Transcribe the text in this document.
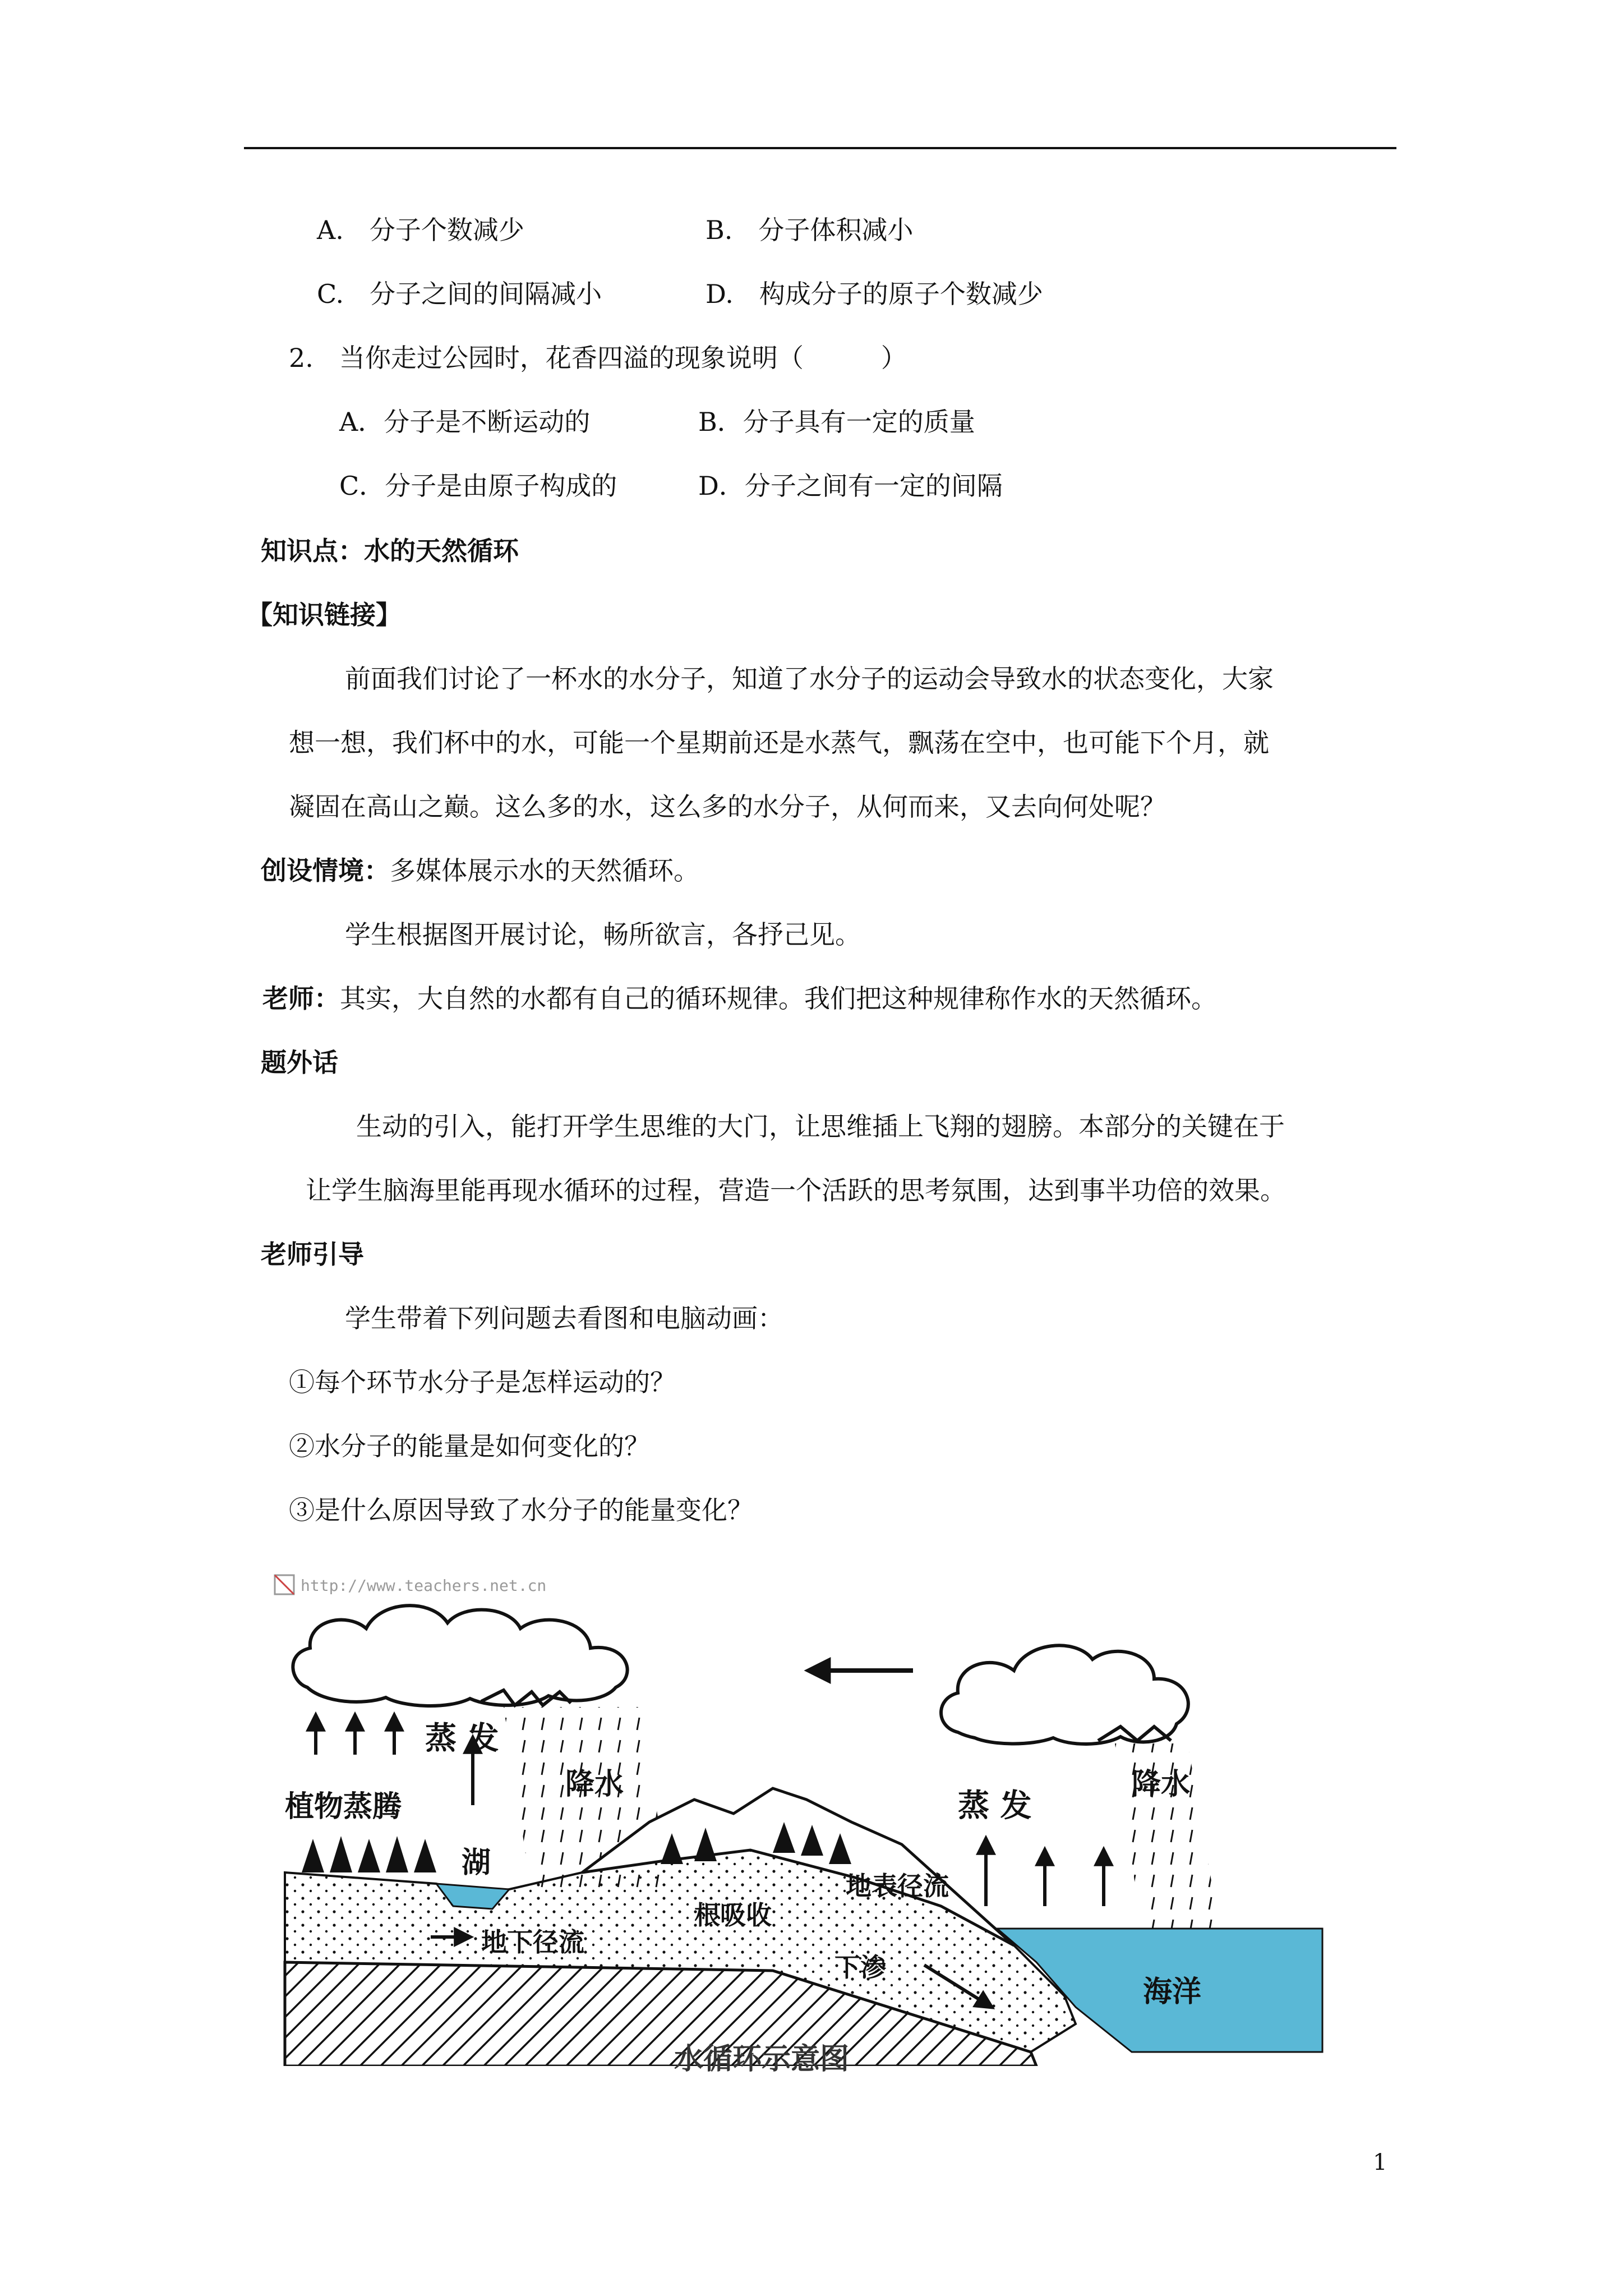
A.　分子个数减少	B.　分子体积减小
C.　分子之间的间隔减小	D.　构成分子的原子个数减少
2.　当你走过公园时，花香四溢的现象说明（　　　）
A．分子是不断运动的	B．分子具有一定的质量
C．分子是由原子构成的	D．分子之间有一定的间隔
知识点：水的天然循环
【知识链接】
前面我们讨论了一杯水的水分子，知道了水分子的运动会导致水的状态变化，大家
想一想，我们杯中的水，可能一个星期前还是水蒸气，飘荡在空中，也可能下个月，就
凝固在高山之巅。这么多的水，这么多的水分子，从何而来，又去向何处呢？
创设情境：多媒体展示水的天然循环。
学生根据图开展讨论，畅所欲言，各抒己见。
老师：其实，大自然的水都有自己的循环规律。我们把这种规律称作水的天然循环。
题外话
生动的引入，能打开学生思维的大门，让思维插上飞翔的翅膀。本部分的关键在于
让学生脑海里能再现水循环的过程，营造一个活跃的思考氛围，达到事半功倍的效果。
老师引导
学生带着下列问题去看图和电脑动画：
①每个环节水分子是怎样运动的？
②水分子的能量是如何变化的？
③是什么原因导致了水分子的能量变化？
http://www.teachers.net.cn
蒸 发
降水
植物蒸腾
湖
地表径流
根吸收
地下径流
下渗
蒸 发
降水
海洋
水循环示意图
1
